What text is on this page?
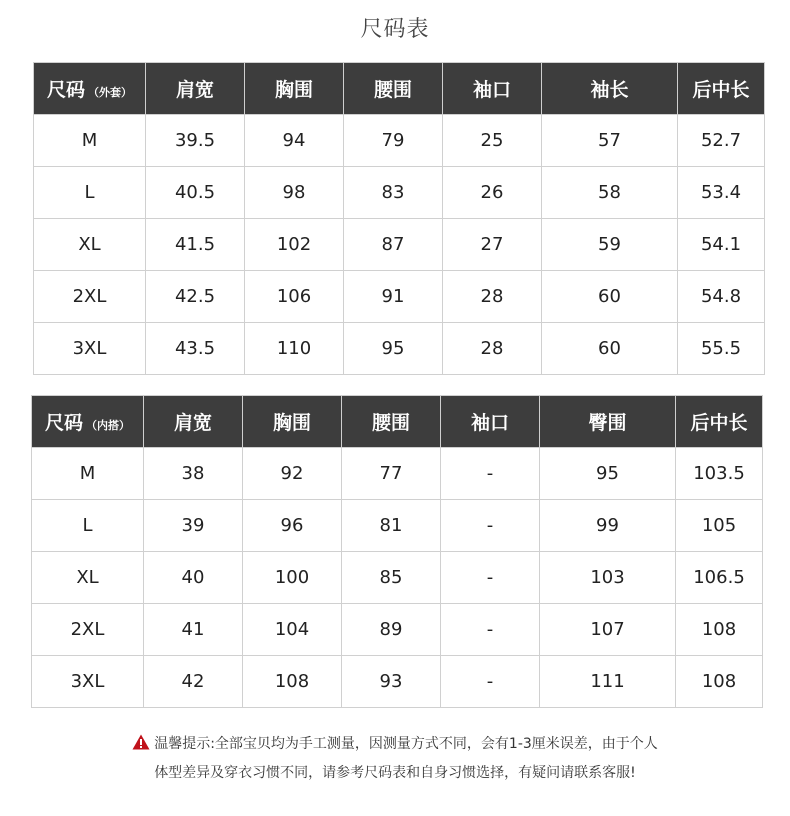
尺码表
尺码 （外套）	肩宽	胸围	腰围	袖口	袖长	后中长
M	39.5	94	79	25	57	52.7
L	40.5	98	83	26	58	53.4
XL	41.5	102	87	27	59	54.1
2XL	42.5	106	91	28	60	54.8
3XL	43.5	110	95	28	60	55.5
尺码 （内搭）	肩宽	胸围	腰围	袖口	臀围	后中长
M	38	92	77	-	95	103.5
L	39	96	81	-	99	105
XL	40	100	85	-	103	106.5
2XL	41	104	89	-	107	108
3XL	42	108	93	-	111	108
温馨提示:全部宝贝均为手工测量，因测量方式不同，会有1-3厘米误差，由于个人
体型差异及穿衣习惯不同，请参考尺码表和自身习惯选择，有疑问请联系客服!
